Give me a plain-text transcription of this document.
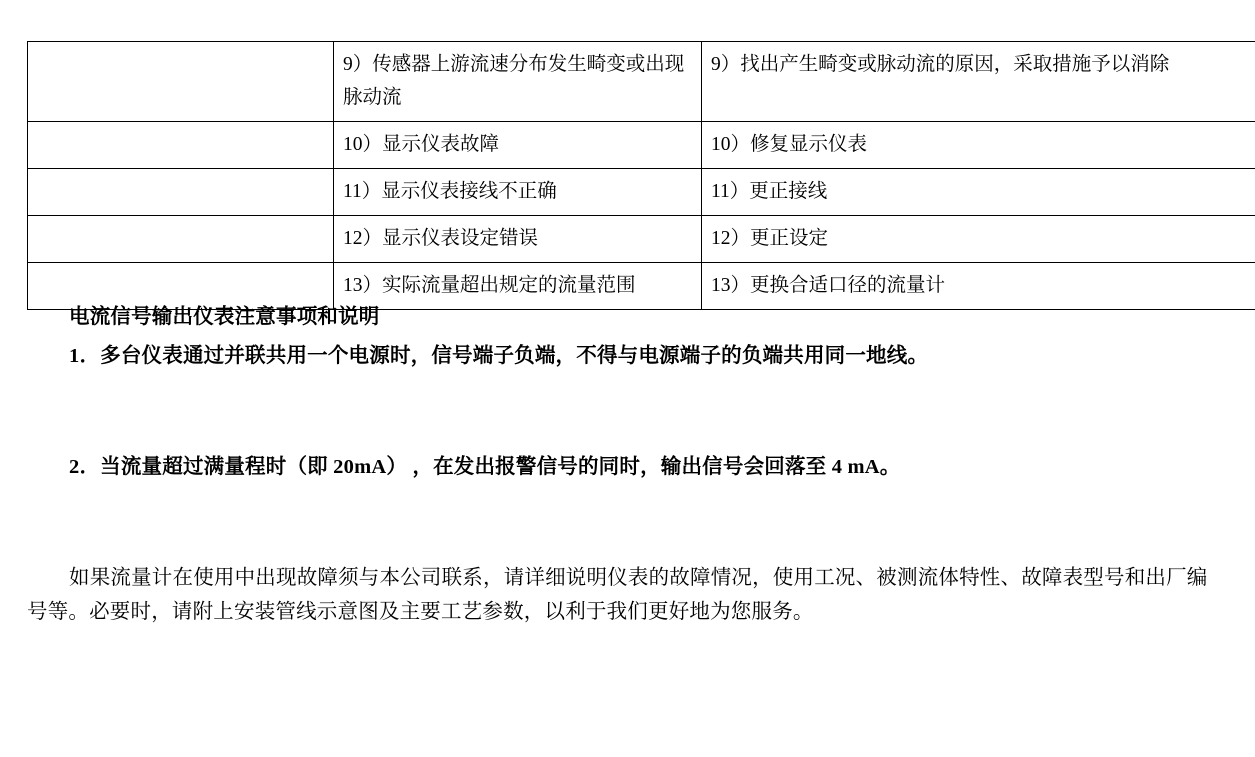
	9）传感器上游流速分布发生畸变或出现脉动流	9）找出产生畸变或脉动流的原因，采取措施予以消除
	10）显示仪表故障	10）修复显示仪表
	11）显示仪表接线不正确	11）更正接线
	12）显示仪表设定错误	12）更正设定
	13）实际流量超出规定的流量范围	13）更换合适口径的流量计
电流信号输出仪表注意事项和说明
1．多台仪表通过并联共用一个电源时，信号端子负端，不得与电源端子的负端共用同一地线。
2．当流量超过满量程时（即 20mA） ，在发出报警信号的同时，输出信号会回落至 4 mA。
如果流量计在使用中出现故障须与本公司联系，请详细说明仪表的故障情况，使用工况、被测流体特性、故障表型号和出厂编号等。必要时，请附上安装管线示意图及主要工艺参数，以利于我们更好地为您服务。
